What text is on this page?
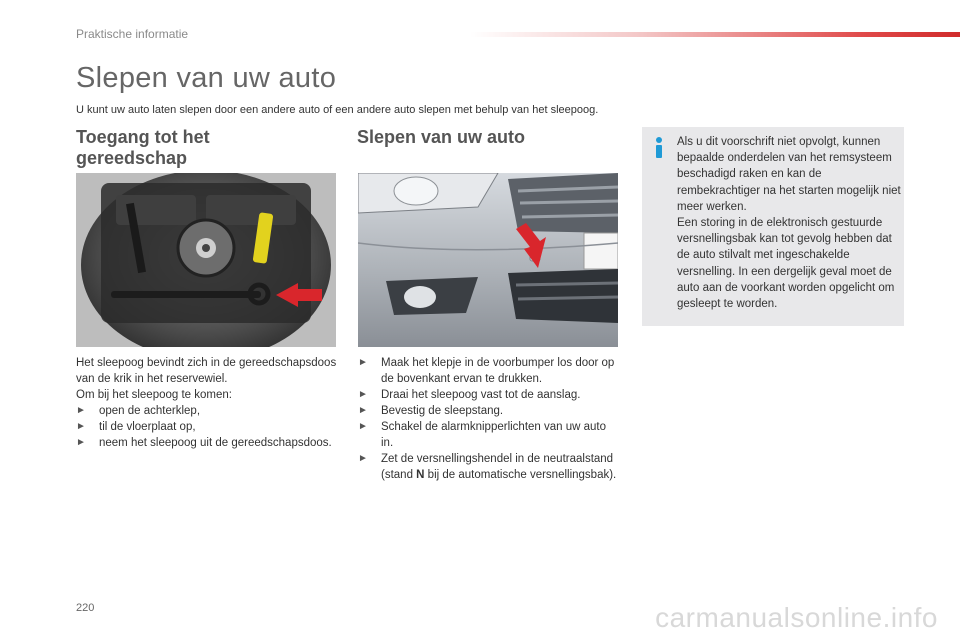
Praktische informatie
Slepen van uw auto
U kunt uw auto laten slepen door een andere auto of een andere auto slepen met behulp van het sleepoog.
Toegang tot het
gereedschap
Het sleepoog bevindt zich in de gereedschapsdoos van de krik in het reservewiel.
Om bij het sleepoog te komen:
► open de achterklep,
► til de vloerplaat op,
► neem het sleepoog uit de gereedschapsdoos.
Slepen van uw auto
► Maak het klepje in de voorbumper los door op de bovenkant ervan te drukken.
► Draai het sleepoog vast tot de aanslag.
► Bevestig de sleepstang.
► Schakel de alarmknipperlichten van uw auto in.
► Zet de versnellingshendel in de neutraalstand (stand N bij de automatische versnellingsbak).
Als u dit voorschrift niet opvolgt, kunnen bepaalde onderdelen van het remsysteem beschadigd raken en kan de rembekrachtiger na het starten mogelijk niet meer werken.
Een storing in de elektronisch gestuurde versnellingsbak kan tot gevolg hebben dat de auto stilvalt met ingeschakelde versnelling. In een dergelijk geval moet de auto aan de voorkant worden opgelicht om gesleept te worden.
220	carmanualsonline.info
